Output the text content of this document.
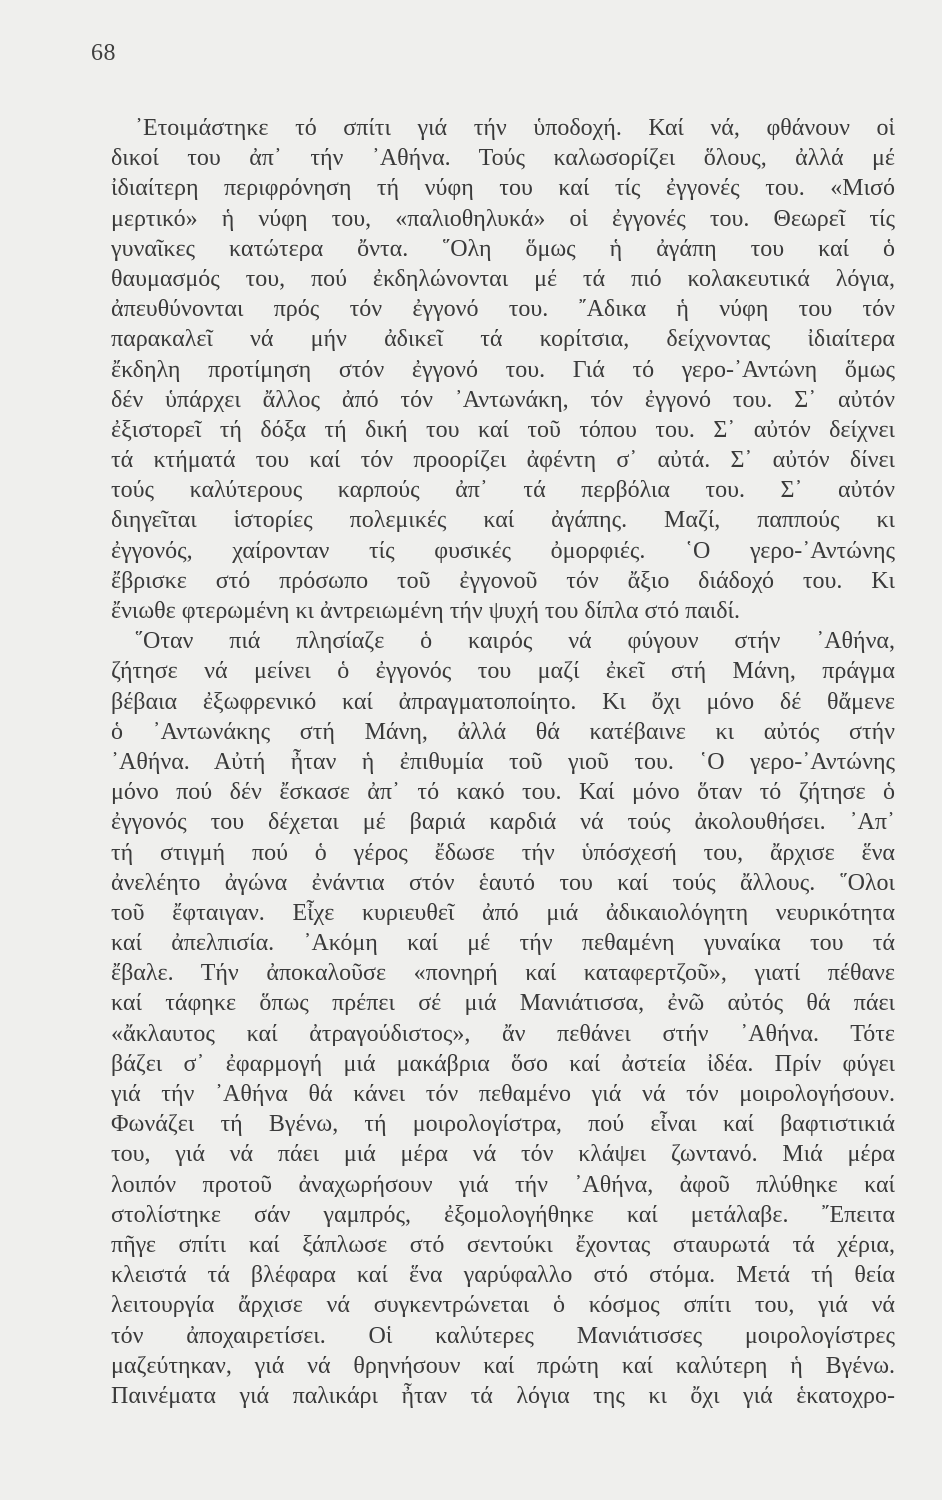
68
᾽Ετοιμάστηκε τό σπίτι γιά τήν ὑποδοχή. Καί νά, φθάνουν οἱ
δικοί του ἀπ᾽ τήν ᾽Αθήνα. Τούς καλωσορίζει ὅλους, ἀλλά μέ
ἰδιαίτερη περιφρόνηση τή νύφη του καί τίς ἐγγονές του. «Μισό
μερτικό» ἡ νύφη του, «παλιοθηλυκά» οἱ ἐγγονές του. Θεωρεῖ τίς
γυναῖκες κατώτερα ὄντα. ῞Ολη ὅμως ἡ ἀγάπη του καί ὁ
θαυμασμός του, πού ἐκδηλώνονται μέ τά πιό κολακευτικά λόγια,
ἀπευθύνονται πρός τόν ἐγγονό του. ῎Αδικα ἡ νύφη του τόν
παρακαλεῖ νά μήν ἀδικεῖ τά κορίτσια, δείχνοντας ἰδιαίτερα
ἔκδηλη προτίμηση στόν ἐγγονό του. Γιά τό γερο-᾽Αντώνη ὅμως
δέν ὑπάρχει ἄλλος ἀπό τόν ᾽Αντωνάκη, τόν ἐγγονό του. Σ᾽ αὐτόν
ἐξιστορεῖ τή δόξα τή δική του καί τοῦ τόπου του. Σ᾽ αὐτόν δείχνει
τά κτήματά του καί τόν προορίζει ἀφέντη σ᾽ αὐτά. Σ᾽ αὐτόν δίνει
τούς καλύτερους καρπούς ἀπ᾽ τά περβόλια του. Σ᾽ αὐτόν
διηγεῖται ἱστορίες πολεμικές καί ἀγάπης. Μαζί, παππούς κι
ἐγγονός, χαίρονταν τίς φυσικές ὀμορφιές. ῾Ο γερο-᾽Αντώνης
ἔβρισκε στό πρόσωπο τοῦ ἐγγονοῦ τόν ἄξιο διάδοχό του. Κι
ἔνιωθε φτερωμένη κι ἀντρειωμένη τήν ψυχή του δίπλα στό παιδί.
῞Οταν πιά πλησίαζε ὁ καιρός νά φύγουν στήν ᾽Αθήνα,
ζήτησε νά μείνει ὁ ἐγγονός του μαζί ἐκεῖ στή Μάνη, πράγμα
βέβαια ἐξωφρενικό καί ἀπραγματοποίητο. Κι ὄχι μόνο δέ θἄμενε
ὁ ᾽Αντωνάκης στή Μάνη, ἀλλά θά κατέβαινε κι αὐτός στήν
᾽Αθήνα. Αὐτή ἦταν ἡ ἐπιθυμία τοῦ γιοῦ του. ῾Ο γερο-᾽Αντώνης
μόνο πού δέν ἔσκασε ἀπ᾽ τό κακό του. Καί μόνο ὅταν τό ζήτησε ὁ
ἐγγονός του δέχεται μέ βαριά καρδιά νά τούς ἀκολουθήσει. ᾽Απ᾽
τή στιγμή πού ὁ γέρος ἔδωσε τήν ὑπόσχεσή του, ἄρχισε ἕνα
ἀνελέητο ἀγώνα ἐνάντια στόν ἑαυτό του καί τούς ἄλλους. ῞Ολοι
τοῦ ἔφταιγαν. Εἶχε κυριευθεῖ ἀπό μιά ἀδικαιολόγητη νευρικότητα
καί ἀπελπισία. ᾽Ακόμη καί μέ τήν πεθαμένη γυναίκα του τά
ἔβαλε. Τήν ἀποκαλοῦσε «πονηρή καί καταφερτζοῦ», γιατί πέθανε
καί τάφηκε ὅπως πρέπει σέ μιά Μανιάτισσα, ἐνῶ αὐτός θά πάει
«ἄκλαυτος καί ἀτραγούδιστος», ἄν πεθάνει στήν ᾽Αθήνα. Τότε
βάζει σ᾽ ἐφαρμογή μιά μακάβρια ὅσο καί ἀστεία ἰδέα. Πρίν φύγει
γιά τήν ᾽Αθήνα θά κάνει τόν πεθαμένο γιά νά τόν μοιρολογήσουν.
Φωνάζει τή Βγένω, τή μοιρολογίστρα, πού εἶναι καί βαφτιστικιά
του, γιά νά πάει μιά μέρα νά τόν κλάψει ζωντανό. Μιά μέρα
λοιπόν προτοῦ ἀναχωρήσουν γιά τήν ᾽Αθήνα, ἀφοῦ πλύθηκε καί
στολίστηκε σάν γαμπρός, ἐξομολογήθηκε καί μετάλαβε. ῎Επειτα
πῆγε σπίτι καί ξάπλωσε στό σεντούκι ἔχοντας σταυρωτά τά χέρια,
κλειστά τά βλέφαρα καί ἕνα γαρύφαλλο στό στόμα. Μετά τή θεία
λειτουργία ἄρχισε νά συγκεντρώνεται ὁ κόσμος σπίτι του, γιά νά
τόν ἀποχαιρετίσει. Οἱ καλύτερες Μανιάτισσες μοιρολογίστρες
μαζεύτηκαν, γιά νά θρηνήσουν καί πρώτη καί καλύτερη ἡ Βγένω.
Παινέματα γιά παλικάρι ἦταν τά λόγια της κι ὄχι γιά ἑκατοχρο-
